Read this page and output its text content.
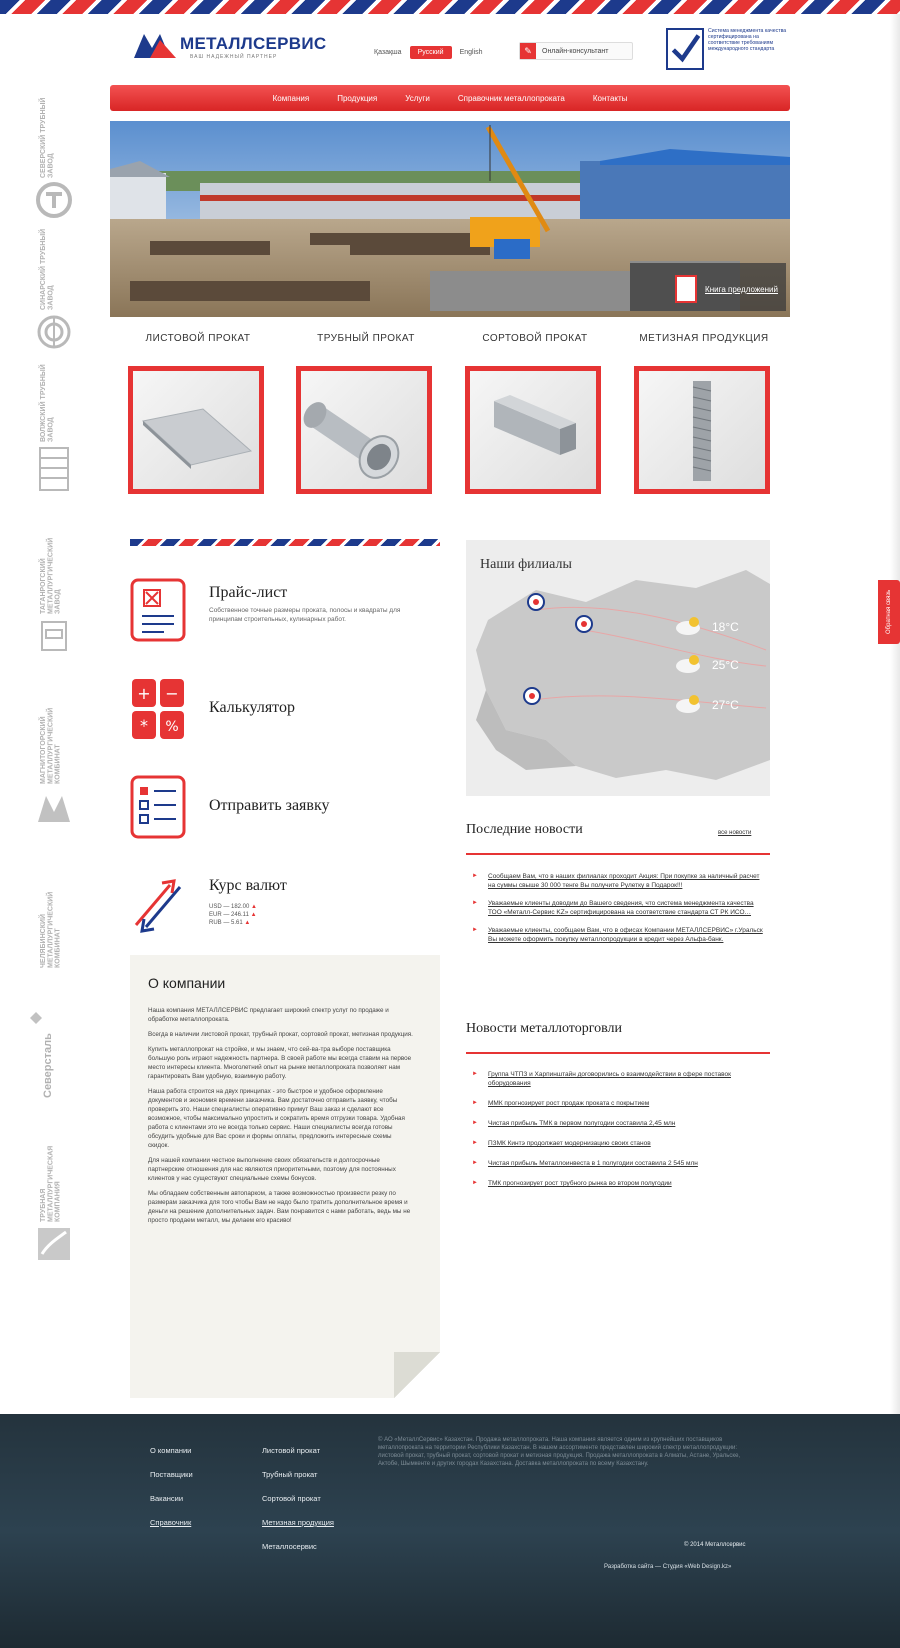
СЕВЕРСКИЙ ТРУБНЫЙ ЗАВОД
СИНАРСКИЙ ТРУБНЫЙ ЗАВОД
ВОЛЖСКИЙ ТРУБНЫЙ ЗАВОД
ТАГАНРОГСКИЙ МЕТАЛЛУРГИЧЕСКИЙ ЗАВОД
МАГНИТОГОРСКИЙ МЕТАЛЛУРГИЧЕСКИЙ КОМБИНАТ
ЧЕЛЯБИНСКИЙ МЕТАЛЛУРГИЧЕСКИЙ КОМБИНАТ
Северсталь
ТРУБНАЯ МЕТАЛЛУРГИЧЕСКАЯ КОМПАНИЯ
МЕТАЛЛСЕРВИС
ВАШ НАДЕЖНЫЙ ПАРТНЕР
Қазақша	Русский	English	✎	Онлайн-консультант
Система менеджмента качества сертифицирована на соответствие требованиям международного стандарта
Компания	Продукция	Услуги	Справочник металлопроката	Контакты
Книга предложений
ЛИСТОВОЙ ПРОКАТ	ТРУБНЫЙ ПРОКАТ	СОРТОВОЙ ПРОКАТ	МЕТИЗНАЯ ПРОДУКЦИЯ
Прайс-лист
Собственное точные размеры проката, полосы и квадраты для принципам строительных, кулинарных работ.
+ −
* %
Калькулятор
Отправить заявку
Курс валют
USD — 182.00 ▲
EUR — 246.11 ▲
RUB — 5.61 ▲
О компании

Наша компания МЕТАЛЛСЕРВИС предлагает широкий спектр услуг по продаже и обработке металлопроката.

Всегда в наличии листовой прокат, трубный прокат, сортовой прокат, метизная продукция.

Купить металлопрокат на стройке, и мы знаем, что сей-ва-тра выборе поставщика большую роль играют надежность партнера. В своей работе мы всегда ставим на первое место интересы клиента. Многолетний опыт на рынке металлопроката позволяет нам гарантировать Вам удобную, взаимную работу.

Наша работа строится на двух принципах - это быстрое и удобное оформление документов и экономия времени заказчика. Вам достаточно отправить заявку, чтобы проверить это. Наши специалисты оперативно примут Ваш заказ и сделают все возможное, чтобы максимально упростить и сократить время отгрузки товара. Удобная работа с клиентами это не всегда только сервис. Наши специалисты всегда готовы обсудить удобные для Вас сроки и формы оплаты, предложить интересные схемы скидок.

Для нашей компании честное выполнение своих обязательств и долгосрочные партнерские отношения для нас являются приоритетными, поэтому для постоянных клиентов у нас существуют специальные схемы бонусов.

Мы обладаем собственным автопарком, а также возможностью произвести резку по размерам заказчика для того чтобы Вам не надо было тратить дополнительное время и деньги на решение дополнительных задач. Вам понравится с нами работать, ведь мы не просто продаем металл, мы делаем его красиво!

Наши филиалы
18°C
25°C
27°C
Последние новости	все новости
► Сообщаем Вам, что в наших филиалах проходит Акция: При покупке за наличный расчет на суммы свыше 30 000 тенге Вы получите Рулетку в Подарок!!!
► Уважаемые клиенты доводим до Вашего сведения, что система менеджмента качества ТОО «Металл-Сервис KZ» сертифицирована на соответствие стандарта СТ РК ИСО…
► Уважаемые клиенты, сообщаем Вам, что в офисах Компании МЕТАЛЛСЕРВИС» г.Уральск Вы можете оформить покупку металлопродукции в кредит через Альфа-банк.
Новости металлоторговли
► Группа ЧТПЗ и Харпинштайн договорились о взаимодействии в сфере поставок оборудования
► ММК прогнозирует рост продаж проката с покрытием
► Чистая прибыль ТМК в первом полугодии составила 2,45 млн
► ПЗМК Кинтэ продолжает модернизацию своих станов
► Чистая прибыль Металлоинвеста в 1 полугодии составила 2 545 млн
► ТМК прогнозирует рост трубного рынка во втором полугодии
Обратная связь
О компании
Поставщики
Вакансии
Справочник
Листовой прокат
Трубный прокат
Сортовой прокат
Метизная продукция
Металлосервис
© АО «МеталлСервис» Казахстан. Продажа металлопроката. Наша компания является одним из крупнейших поставщиков металлопроката на территории Республики Казахстан. В нашем ассортименте представлен широкий спектр металлопродукции: листовой прокат, трубный прокат, сортовой прокат и метизная продукция. Продажа металлопроката в Алматы, Астане, Уральске, Актобе, Шымкенте и других городах Казахстана. Доставка металлопроката по всему Казахстану.
© 2014 Металлсервис
Разработка сайта — Студия «Web Design.kz»
